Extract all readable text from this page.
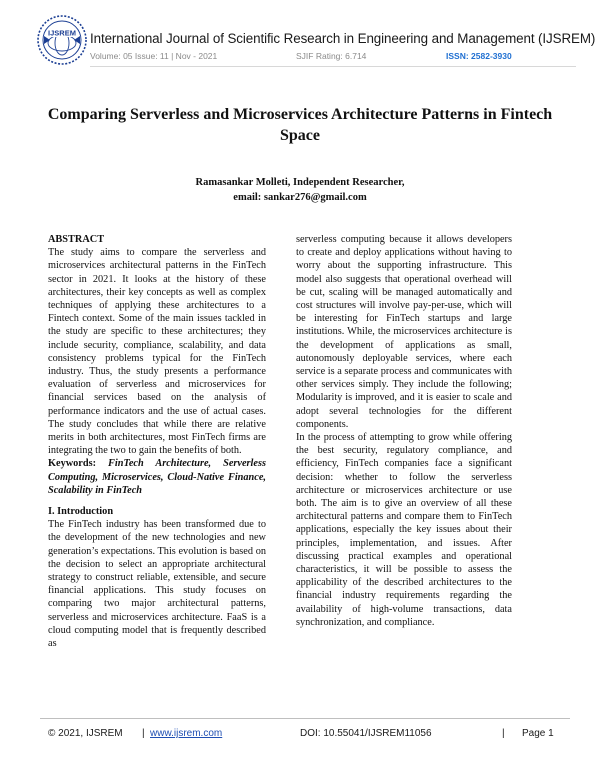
IJSREM International Journal of Scientific Research in Engineering and Management (IJSREM)
Volume: 05 Issue: 11 | Nov - 2021	SJIF Rating: 6.714	ISSN: 2582-3930
Comparing Serverless and Microservices Architecture Patterns in Fintech Space
Ramasankar Molleti, Independent Researcher,
email: sankar276@gmail.com
ABSTRACT

The study aims to compare the serverless and microservices architectural patterns in the FinTech sector in 2021. It looks at the history of these architectures, their key concepts as well as complex techniques of applying these architectures to a Fintech context. Some of the main issues tackled in the study are specific to these architectures; they include security, compliance, scalability, and data consistency problems typical for the FinTech industry. Thus, the study presents a performance evaluation of serverless and microservices for financial services based on the analysis of performance indicators and the use of actual cases. The study concludes that while there are relative merits in both architectures, most FinTech firms are integrating the two to gain the benefits of both.

Keywords: FinTech Architecture, Serverless Computing, Microservices, Cloud-Native Finance, Scalability in FinTech

I. Introduction

The FinTech industry has been transformed due to the development of the new technologies and new generation’s expectations. This evolution is based on the decision to select an appropriate architectural strategy to construct reliable, extensible, and secure financial applications. This study focuses on comparing two major architectural patterns, serverless and microservices architecture. FaaS is a cloud computing model that is frequently described as

serverless computing because it allows developers to create and deploy applications without having to worry about the supporting infrastructure. This model also suggests that operational overhead will be cut, scaling will be managed automatically and cost structures will involve pay-per-use, which will be interesting for FinTech startups and large institutions. While, the microservices architecture is the development of applications as small, autonomously deployable services, where each service is a separate process and communicates with other services simply. They include the following; Modularity is improved, and it is easier to scale and adopt several technologies for the different components.

In the process of attempting to grow while offering the best security, regulatory compliance, and efficiency, FinTech companies face a significant decision: whether to follow the serverless architecture or microservices architecture or use both. The aim is to give an overview of all these architectural patterns and compare them to FinTech applications, especially the key issues about their principles, implementation, and issues. After discussing practical examples and operational characteristics, it will be possible to assess the applicability of the described architectures to the financial industry requirements regarding the availability of high-volume transactions, data synchronization, and compliance.

© 2021, IJSREM | www.ijsrem.com	DOI: 10.55041/IJSREM11056	| Page 1
